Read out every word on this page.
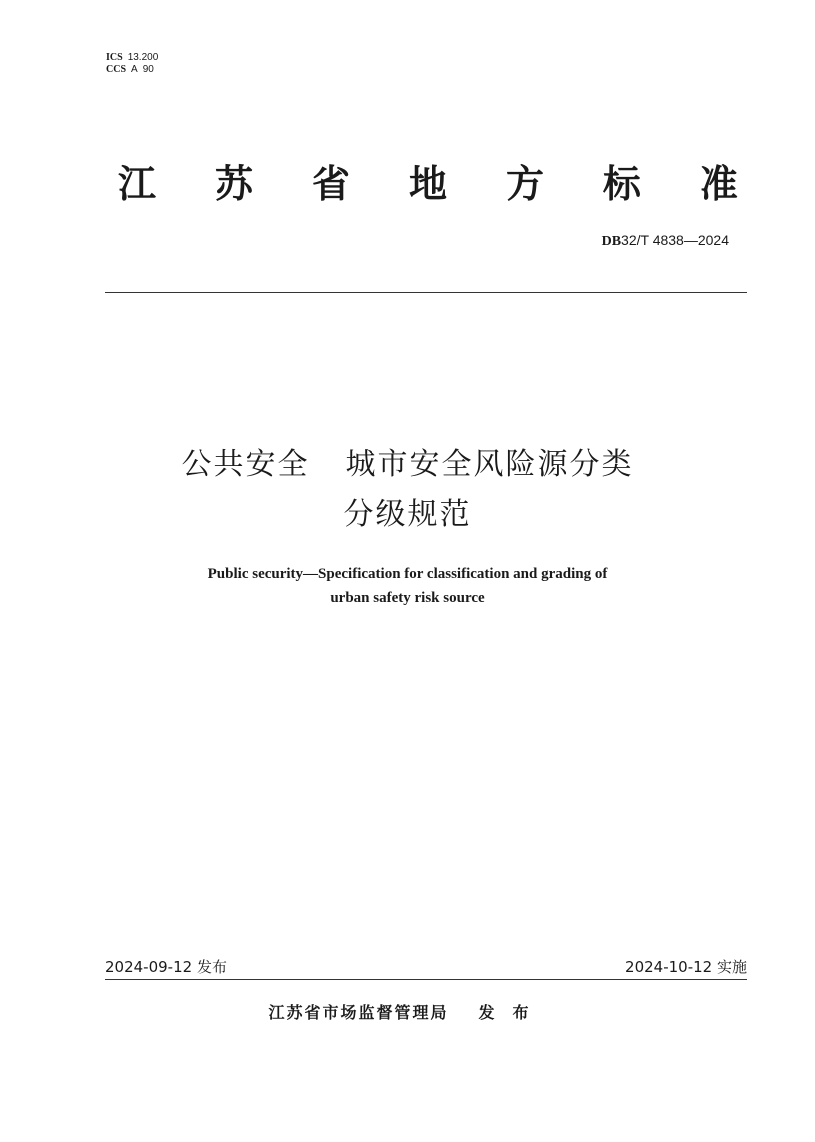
ICS 13.200
CCS A  90
江 苏 省 地 方 标 准
DB32/T 4838—2024
公共安全 城市安全风险源分类
分级规范
Public security—Specification for classification and grading of
urban safety risk source
2024-09-12 发布	2024-10-12 实施
江苏省市场监督管理局 发布
